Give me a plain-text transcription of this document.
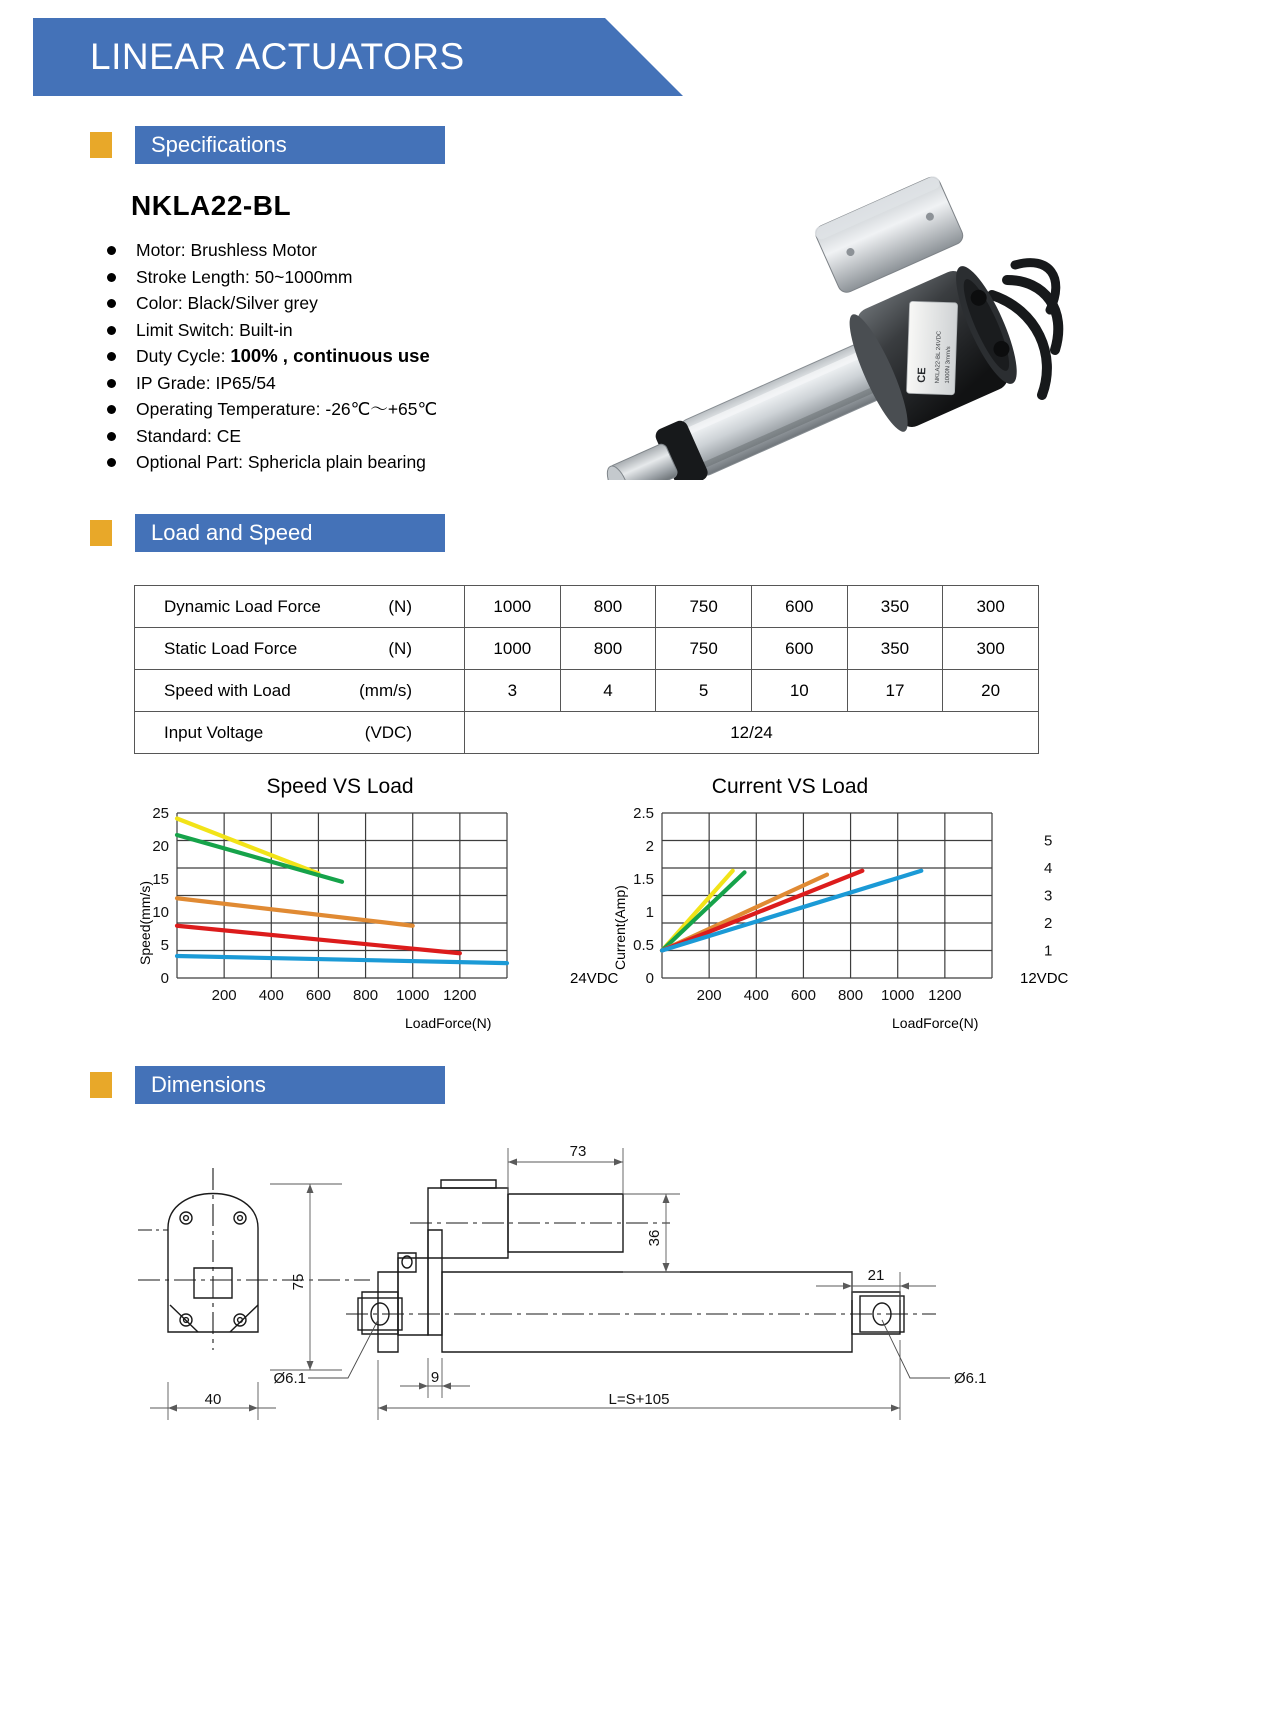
LINEAR ACTUATORS
Specifications
NKLA22-BL
Motor: Brushless Motor
Stroke Length: 50~1000mm
Color: Black/Silver grey
Limit Switch: Built-in
Duty Cycle: 100% , continuous use
IP Grade: IP65/54
Operating Temperature: -26℃～+65℃
Standard: CE
Optional Part: Sphericla plain bearing
CE NKLA22-BL 24VDC 1000N 3mm/s
Load and Speed
Dynamic Load Force (N)	1000	800	750	600	350	300
Static Load Force (N)	1000	800	750	600	350	300
Speed with Load (mm/s)	3	4	5	10	17	20
Input Voltage (VDC)	12/24					
Speed VS Load
Speed(mm/s)
LoadForce(N)
0
5
10
15
20
25
200 400 600 800 1000 1200
Current VS Load
Current(Amp)
LoadForce(N)
24VDC	12VDC
0
0.5
1
1.5
2
2.5
1
2
3
4
5
200 400 600 800 1000 1200
Dimensions
73
36
75	21
9
40
Ø6.1	Ø6.1
L=S+105
